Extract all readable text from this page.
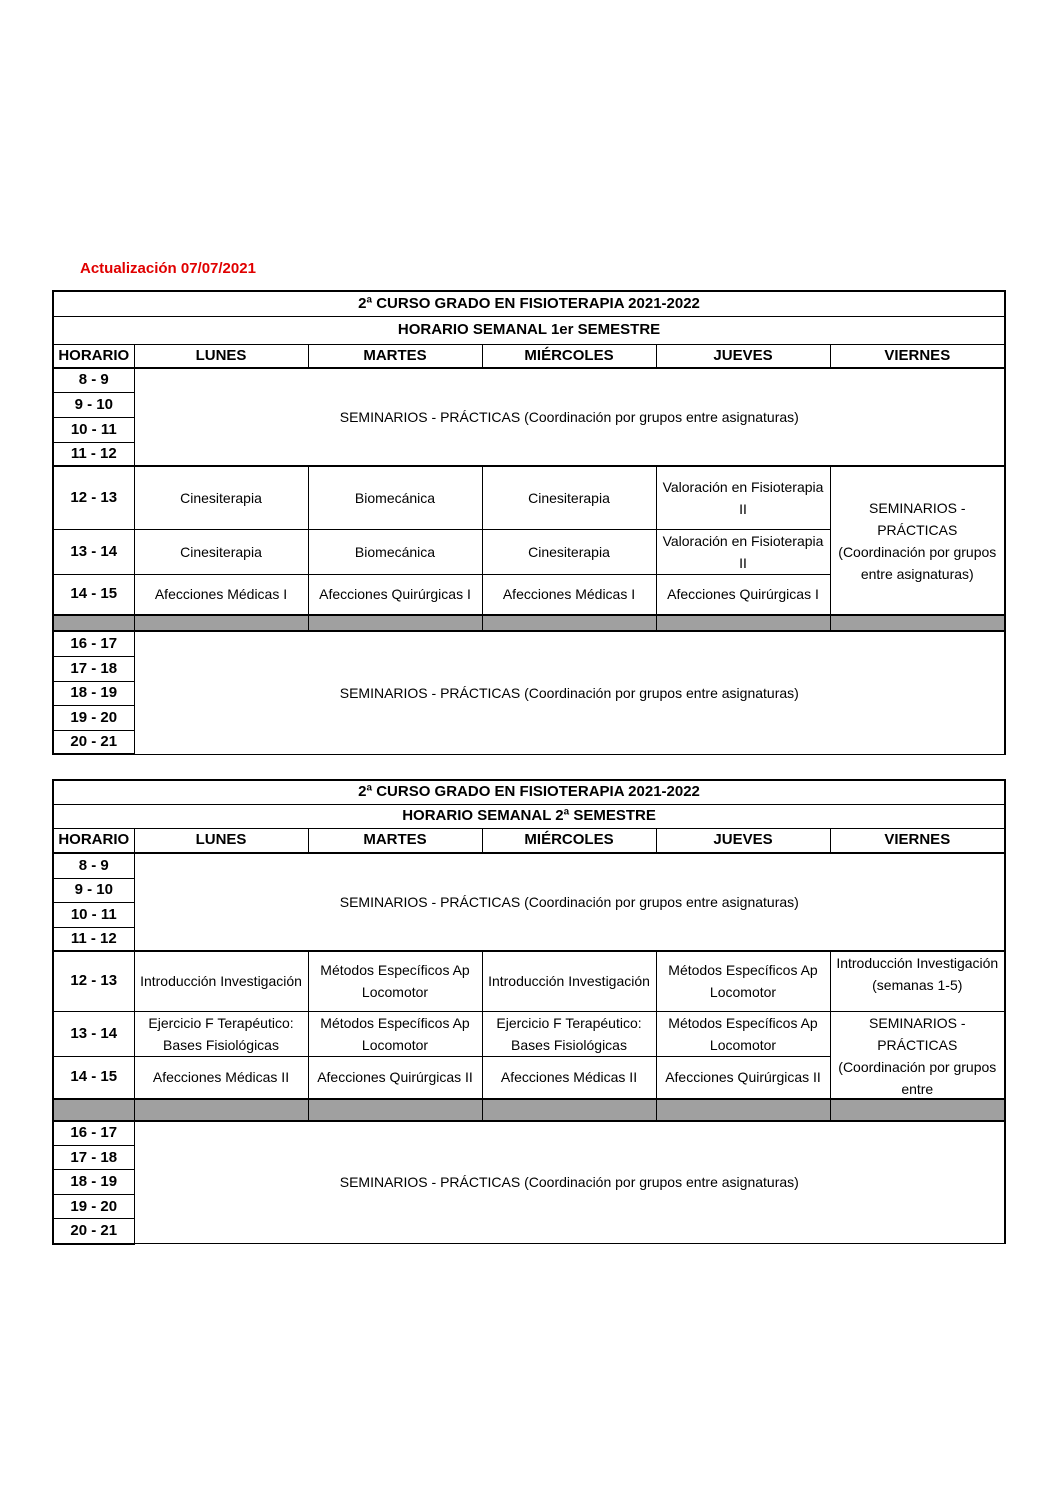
Actualización 07/07/2021
2ª CURSO GRADO EN FISIOTERAPIA 2021-2022					
HORARIO SEMANAL 1er SEMESTRE					
HORARIO	LUNES	MARTES	MIÉRCOLES	JUEVES	VIERNES
8 - 9	SEMINARIOS - PRÁCTICAS (Coordinación por grupos entre asignaturas)				
9 - 10					
10 - 11					
11 - 12					
12 - 13	Cinesiterapia	Biomecánica	Cinesiterapia	Valoración en Fisioterapia II	SEMINARIOS - PRÁCTICAS (Coordinación por grupos entre asignaturas)
13 - 14	Cinesiterapia	Biomecánica	Cinesiterapia	Valoración en Fisioterapia II	
14 - 15	Afecciones Médicas I	Afecciones Quirúrgicas I	Afecciones Médicas I	Afecciones Quirúrgicas I	

16 - 17	SEMINARIOS - PRÁCTICAS (Coordinación por grupos entre asignaturas)				
17 - 18					
18 - 19					
19 - 20					
20 - 21					
2ª CURSO GRADO EN FISIOTERAPIA 2021-2022					
HORARIO SEMANAL 2ª SEMESTRE					
HORARIO	LUNES	MARTES	MIÉRCOLES	JUEVES	VIERNES
8 - 9	SEMINARIOS - PRÁCTICAS (Coordinación por grupos entre asignaturas)				
9 - 10					
10 - 11					
11 - 12					
12 - 13	Introducción Investigación	Métodos Específicos Ap Locomotor	Introducción Investigación	Métodos Específicos Ap Locomotor	Introducción Investigación (semanas 1-5)

13 - 14	Ejercicio F Terapéutico: Bases Fisiológicas	Métodos Específicos Ap Locomotor	Ejercicio F Terapéutico: Bases Fisiológicas	Métodos Específicos Ap Locomotor	SEMINARIOS - PRÁCTICAS (Coordinación por grupos entre

14 - 15	Afecciones Médicas II	Afecciones Quirúrgicas II	Afecciones Médicas II	Afecciones Quirúrgicas II	

16 - 17	SEMINARIOS - PRÁCTICAS (Coordinación por grupos entre asignaturas)				
17 - 18					
18 - 19					
19 - 20					
20 - 21					
